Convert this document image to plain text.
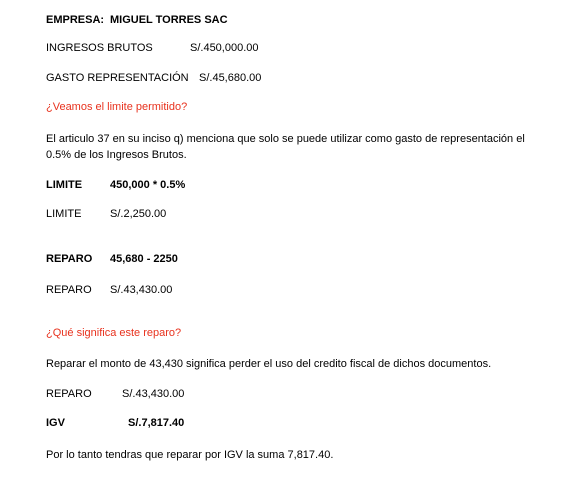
EMPRESA: MIGUEL TORRES SAC
INGRESOS BRUTOS	S/.450,000.00
GASTO REPRESENTACIÓN S/.45,680.00
¿Veamos el limite permitido?
El articulo 37 en su inciso q) menciona que solo se puede utilizar como gasto de representación el 0.5% de los Ingresos Brutos.
LIMITE	450,000 * 0.5%
LIMITE	S/.2,250.00
REPARO 45,680 - 2250
REPARO S/.43,430.00
¿Qué significa este reparo?
Reparar el monto de 43,430 significa perder el uso del credito fiscal de dichos documentos.
REPARO	S/.43,430.00
IGV	S/.7,817.40
Por lo tanto tendras que reparar por IGV la suma 7,817.40.
